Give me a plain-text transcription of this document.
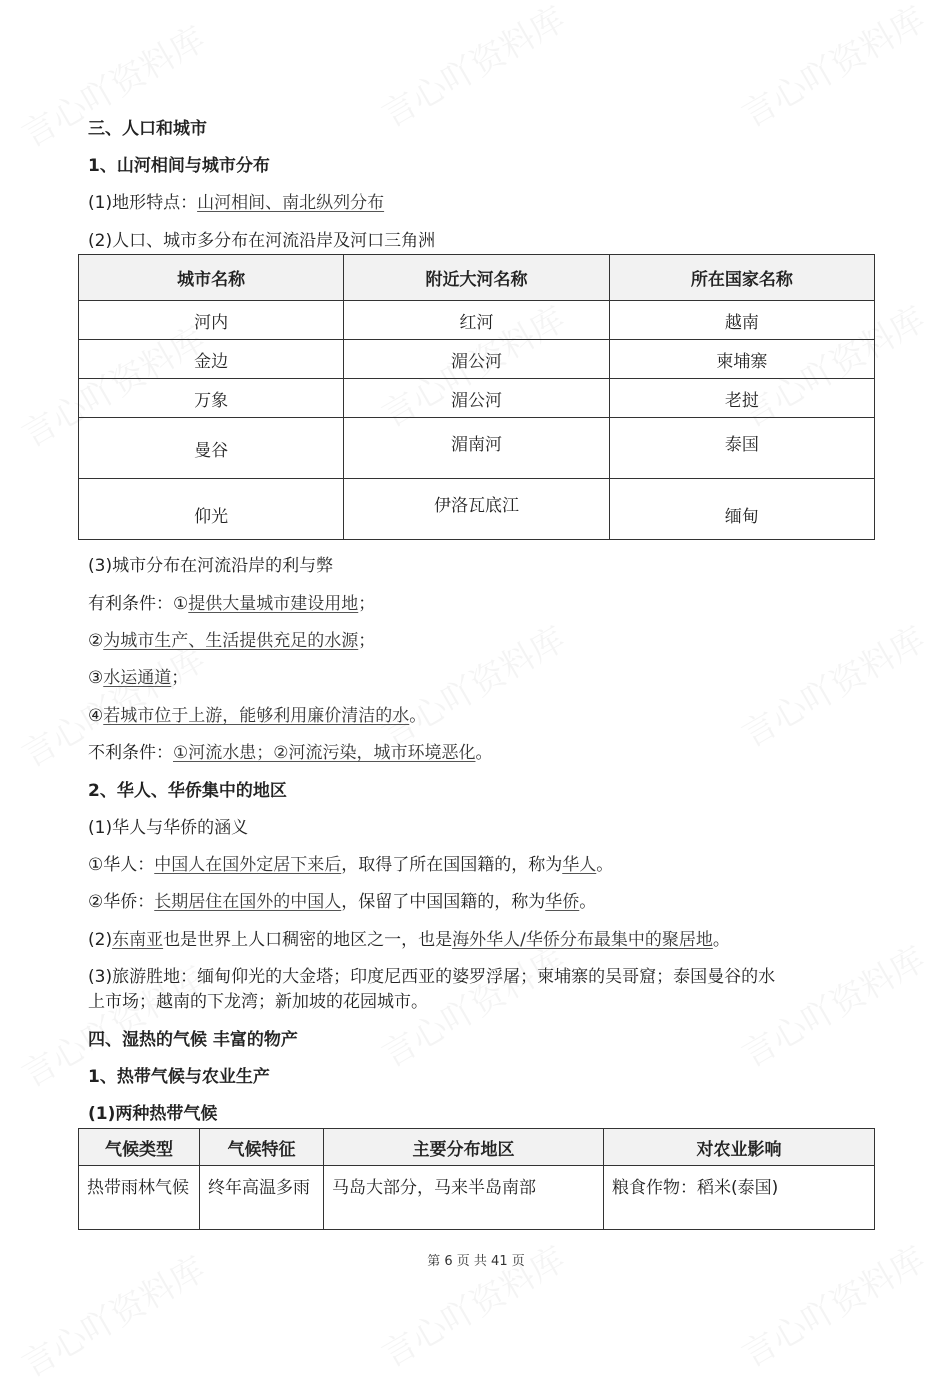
三、人口和城市
1、山河相间与城市分布
(1)地形特点：山河相间、南北纵列分布
(2)人口、城市多分布在河流沿岸及河口三角洲
城市名称	附近大河名称	所在国家名称
河内	红河	越南
金边	湄公河	柬埔寨
万象	湄公河	老挝
曼谷	湄南河	泰国
仰光	伊洛瓦底江	缅甸
(3)城市分布在河流沿岸的利与弊
有利条件：①提供大量城市建设用地；
②为城市生产、生活提供充足的水源；
③水运通道；
④若城市位于上游，能够利用廉价清洁的水。
不利条件：①河流水患；②河流污染，城市环境恶化。
2、华人、华侨集中的地区
(1)华人与华侨的涵义
①华人：中国人在国外定居下来后，取得了所在国国籍的，称为华人。
②华侨：长期居住在国外的中国人，保留了中国国籍的，称为华侨。
(2)东南亚也是世界上人口稠密的地区之一，也是海外华人/华侨分布最集中的聚居地。
(3)旅游胜地：缅甸仰光的大金塔；印度尼西亚的婆罗浮屠；柬埔寨的吴哥窟；泰国曼谷的水
上市场；越南的下龙湾；新加坡的花园城市。
四、湿热的气候 丰富的物产
1、热带气候与农业生产
(1)两种热带气候
气候类型	气候特征	主要分布地区	对农业影响
热带雨林气候	终年高温多雨	马岛大部分，马来半岛南部	粮食作物：稻米(泰国)
第 6 页 共 41 页
